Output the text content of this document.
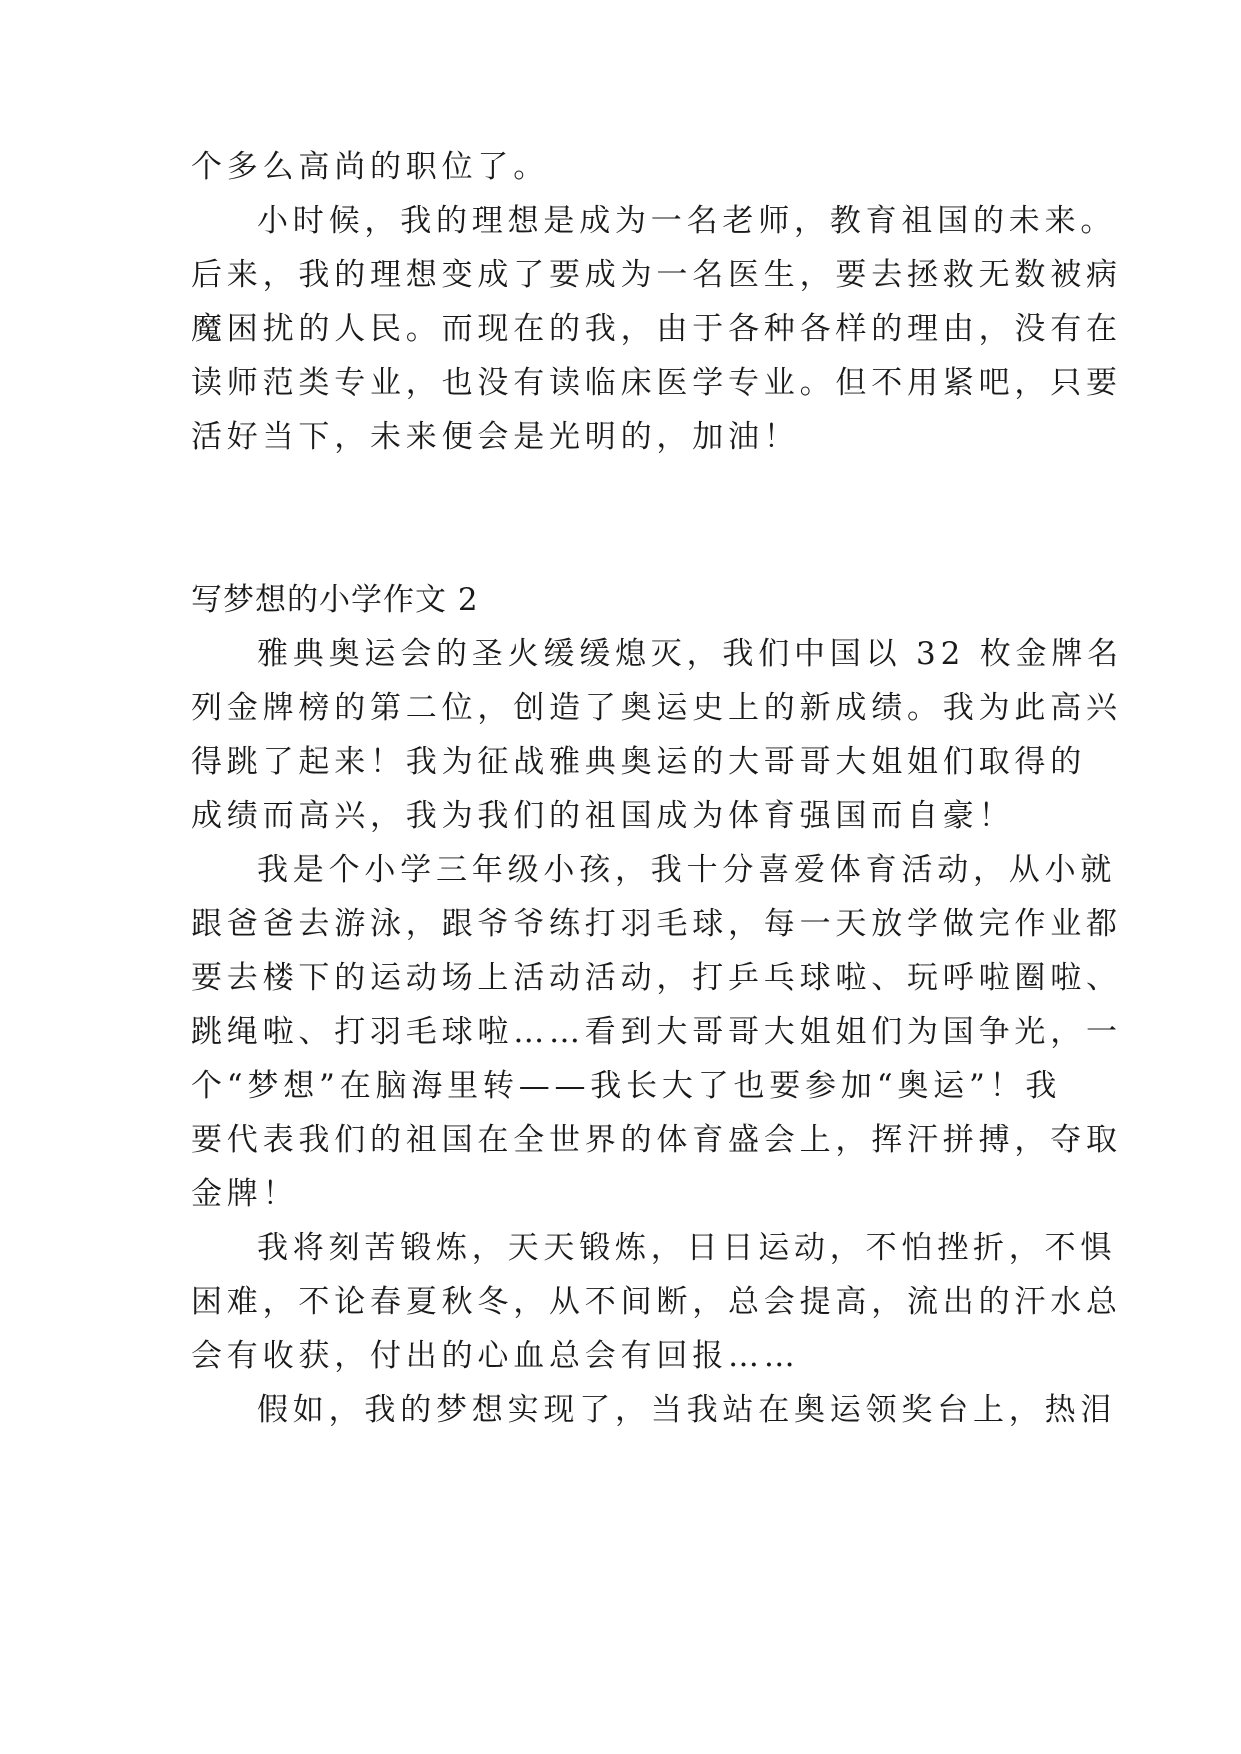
个多么高尚的职位了。

小时候，我的理想是成为一名老师，教育祖国的未来。

后来，我的理想变成了要成为一名医生，要去拯救无数被病

魔困扰的人民。而现在的我，由于各种各样的理由，没有在

读师范类专业，也没有读临床医学专业。但不用紧吧，只要

活好当下，未来便会是光明的，加油！

写梦想的小学作文 2

雅典奥运会的圣火缓缓熄灭，我们中国以 32 枚金牌名

列金牌榜的第二位，创造了奥运史上的新成绩。我为此高兴

得跳了起来！我为征战雅典奥运的大哥哥大姐姐们取得的

成绩而高兴，我为我们的祖国成为体育强国而自豪！

我是个小学三年级小孩，我十分喜爱体育活动，从小就

跟爸爸去游泳，跟爷爷练打羽毛球，每一天放学做完作业都

要去楼下的运动场上活动活动，打乒乓球啦、玩呼啦圈啦、

跳绳啦、打羽毛球啦……看到大哥哥大姐姐们为国争光，一

个“梦想”在脑海里转——我长大了也要参加“奥运”！我

要代表我们的祖国在全世界的体育盛会上，挥汗拼搏，夺取

金牌！

我将刻苦锻炼，天天锻炼，日日运动，不怕挫折，不惧

困难，不论春夏秋冬，从不间断，总会提高，流出的汗水总

会有收获，付出的心血总会有回报……

假如，我的梦想实现了，当我站在奥运领奖台上，热泪
